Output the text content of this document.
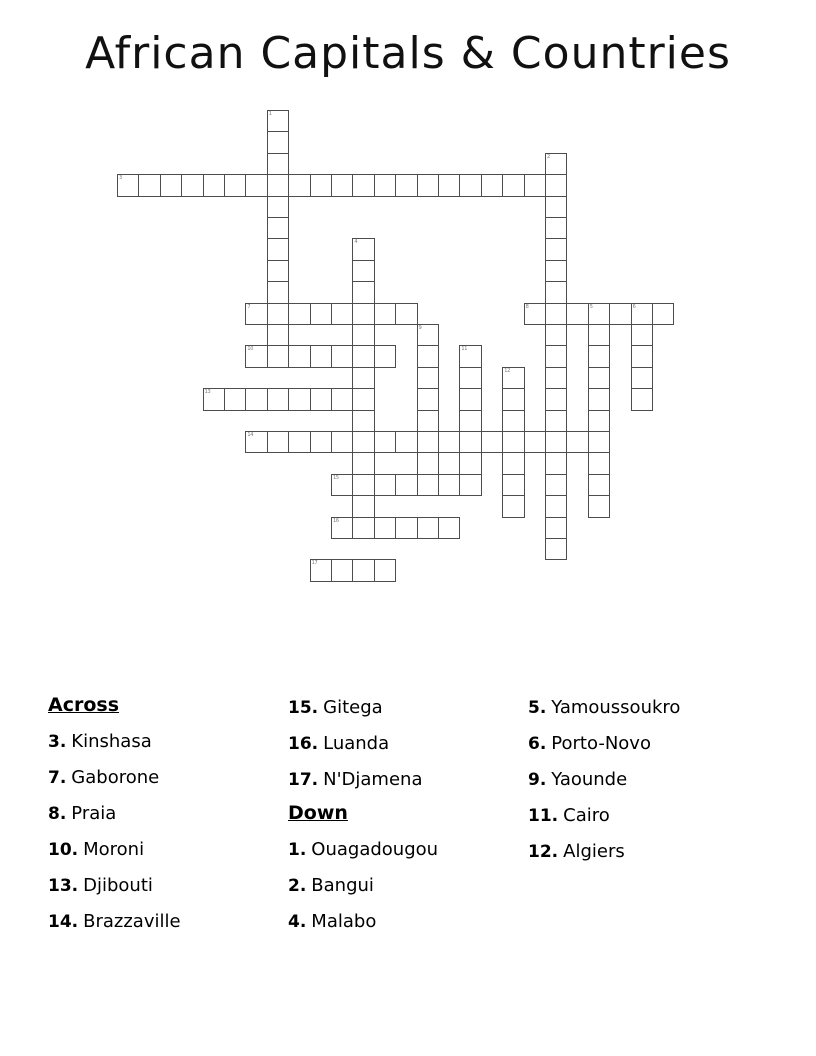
African Capitals & Countries
1
2
3
4
5	6
7	8
9
10	11
12
13
14
15
16
17
Across
3. Kinshasa
7. Gaborone
8. Praia
10. Moroni
13. Djibouti
14. Brazzaville
15. Gitega
16. Luanda
17. N'Djamena
Down
1. Ouagadougou
2. Bangui
4. Malabo
5. Yamoussoukro
6. Porto-Novo
9. Yaounde
11. Cairo
12. Algiers
